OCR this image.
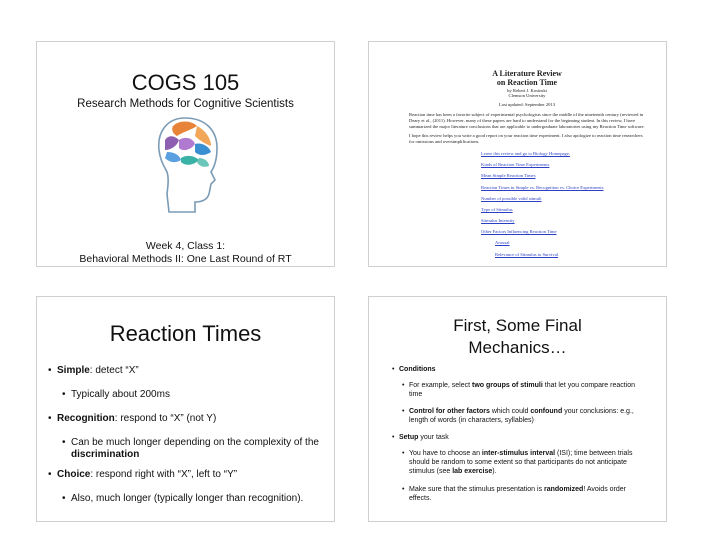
COGS 105
Research Methods for Cognitive Scientists
Week 4, Class 1:
Behavioral Methods II: One Last Round of RT
A Literature Review
on Reaction Time
by Robert J. Kosinski
Clemson University
Last updated: September 2013

Reaction time has been a favorite subject of experimental psychologists since the middle of the nineteenth century (reviewed in Deary et al., (2011). However, many of these papers are hard to understand for the beginning student. In this review, I have summarized the major literature conclusions that are applicable to undergraduate laboratories using my Reaction Time software.

I hope this review helps you write a good report on your reaction time experiment. I also apologize to reaction time researchers for omissions and oversimplifications.

Leave this review and go to Biology Homepage.
Kinds of Reaction Time Experiments
Mean Simple Reaction Times
Reaction Times in Simple vs. Recognition vs. Choice Experiments
Number of possible valid stimuli
Type of Stimulus
Stimulus Intensity
Other Factors Influencing Reaction Time
Arousal
Relevance of Stimulus to Survival
Reaction Times
• Simple: detect “X”
• Typically about 200ms
• Recognition: respond to “X” (not Y)
• Can be much longer depending on the complexity of the discrimination
• Choice: respond right with “X”, left to “Y”
• Also, much longer (typically longer than recognition).
First, Some Final
Mechanics…
• Conditions
• For example, select two groups of stimuli that let you compare reaction time
• Control for other factors which could confound your conclusions: e.g., length of words (in characters, syllables)
• Setup your task
• You have to choose an inter-stimulus interval (ISI); time between trials should be random to some extent so that participants do not anticipate stimulus (see lab exercise).
• Make sure that the stimulus presentation is randomized! Avoids order effects.
